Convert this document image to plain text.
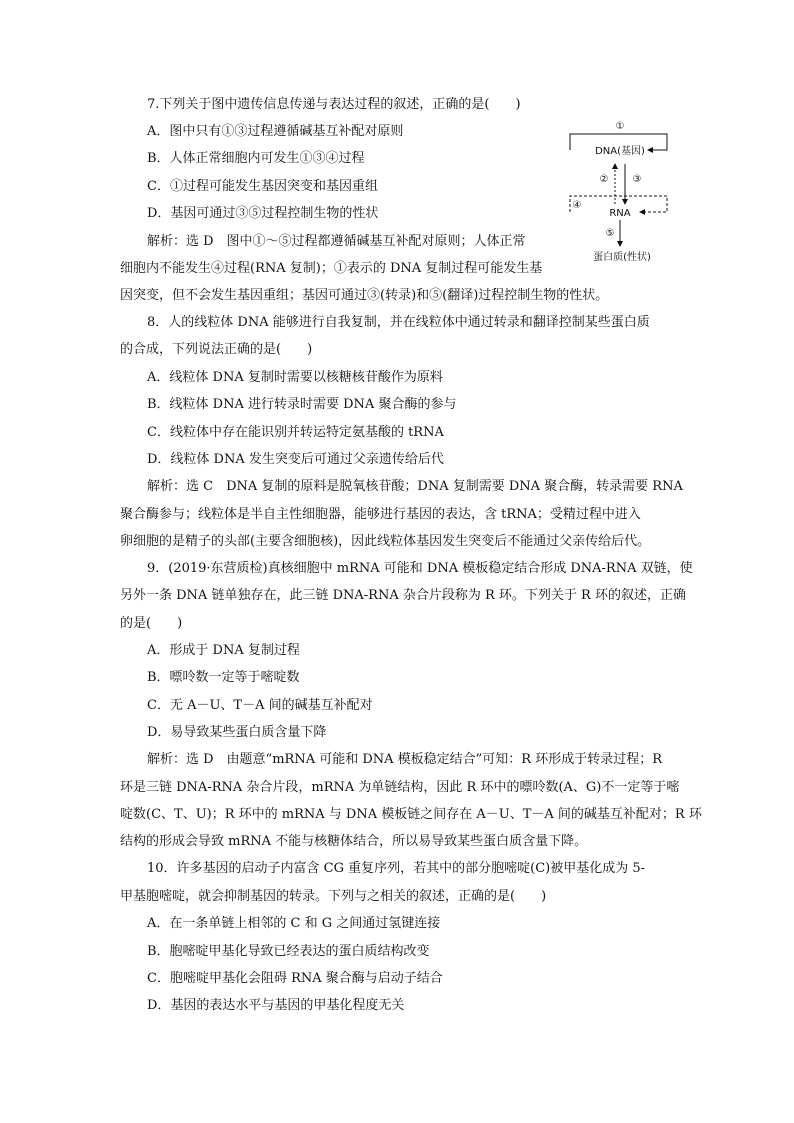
7.下列关于图中遗传信息传递与表达过程的叙述，正确的是(　　)
A．图中只有①③过程遵循碱基互补配对原则
B．人体正常细胞内可发生①③④过程
C．①过程可能发生基因突变和基因重组
D．基因可通过③⑤过程控制生物的性状
解析：选 D　图中①～⑤过程都遵循碱基互补配对原则；人体正常
细胞内不能发生④过程(RNA 复制)；①表示的 DNA 复制过程可能发生基
因突变，但不会发生基因重组；基因可通过③(转录)和⑤(翻译)过程控制生物的性状。
①
DNA(基因)
② ③
④
RNA
⑤
蛋白质(性状)
8．人的线粒体 DNA 能够进行自我复制，并在线粒体中通过转录和翻译控制某些蛋白质
的合成，下列说法正确的是(　　)
A．线粒体 DNA 复制时需要以核糖核苷酸作为原料
B．线粒体 DNA 进行转录时需要 DNA 聚合酶的参与
C．线粒体中存在能识别并转运特定氨基酸的 tRNA
D．线粒体 DNA 发生突变后可通过父亲遗传给后代
解析：选 C　DNA 复制的原料是脱氧核苷酸；DNA 复制需要 DNA 聚合酶，转录需要 RNA
聚合酶参与；线粒体是半自主性细胞器，能够进行基因的表达，含 tRNA；受精过程中进入
卵细胞的是精子的头部(主要含细胞核)，因此线粒体基因发生突变后不能通过父亲传给后代。
9．(2019·东营质检)真核细胞中 mRNA 可能和 DNA 模板稳定结合形成 DNA-RNA 双链，使
另外一条 DNA 链单独存在，此三链 DNA-RNA 杂合片段称为 R 环。下列关于 R 环的叙述，正确
的是(　　)
A．形成于 DNA 复制过程
B．嘌呤数一定等于嘧啶数
C．无 A－U、T－A 间的碱基互补配对
D．易导致某些蛋白质含量下降
解析：选 D　由题意“mRNA 可能和 DNA 模板稳定结合”可知：R 环形成于转录过程；R
环是三链 DNA-RNA 杂合片段，mRNA 为单链结构，因此 R 环中的嘌呤数(A、G)不一定等于嘧
啶数(C、T、U)；R 环中的 mRNA 与 DNA 模板链之间存在 A－U、T－A 间的碱基互补配对；R 环
结构的形成会导致 mRNA 不能与核糖体结合，所以易导致某些蛋白质含量下降。
10．许多基因的启动子内富含 CG 重复序列，若其中的部分胞嘧啶(C)被甲基化成为 5-
甲基胞嘧啶，就会抑制基因的转录。下列与之相关的叙述，正确的是(　　)
A．在一条单链上相邻的 C 和 G 之间通过氢键连接
B．胞嘧啶甲基化导致已经表达的蛋白质结构改变
C．胞嘧啶甲基化会阻碍 RNA 聚合酶与启动子结合
D．基因的表达水平与基因的甲基化程度无关
